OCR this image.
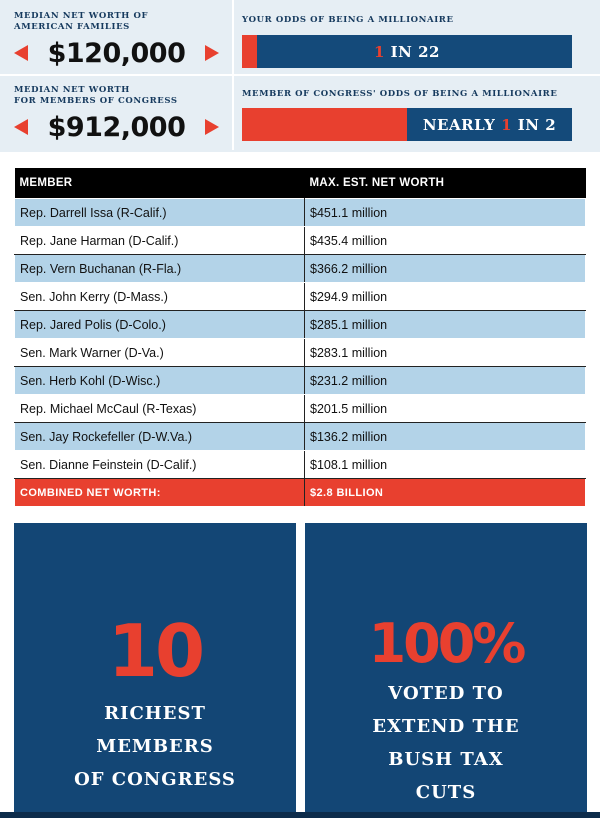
MEDIAN NET WORTH OF
AMERICAN FAMILIES
$120,000
YOUR ODDS OF BEING A MILLIONAIRE
1 IN 22
MEDIAN NET WORTH
FOR MEMBERS OF CONGRESS
$912,000
MEMBER OF CONGRESS' ODDS OF BEING A MILLIONAIRE
NEARLY 1 IN 2
MEMBER	MAX. EST. NET WORTH
Rep. Darrell Issa (R-Calif.)	$451.1 million
Rep. Jane Harman (D-Calif.)	$435.4 million
Rep. Vern Buchanan (R-Fla.)	$366.2 million
Sen. John Kerry (D-Mass.)	$294.9 million
Rep. Jared Polis (D-Colo.)	$285.1 million
Sen. Mark Warner (D-Va.)	$283.1 million
Sen. Herb Kohl (D-Wisc.)	$231.2 million
Rep. Michael McCaul (R-Texas)	$201.5 million
Sen. Jay Rockefeller (D-W.Va.)	$136.2 million
Sen. Dianne Feinstein (D-Calif.)	$108.1 million
COMBINED NET WORTH:	$2.8 BILLION
10
RICHEST
MEMBERS
OF CONGRESS
100%
VOTED TO
EXTEND THE
BUSH TAX
CUTS
